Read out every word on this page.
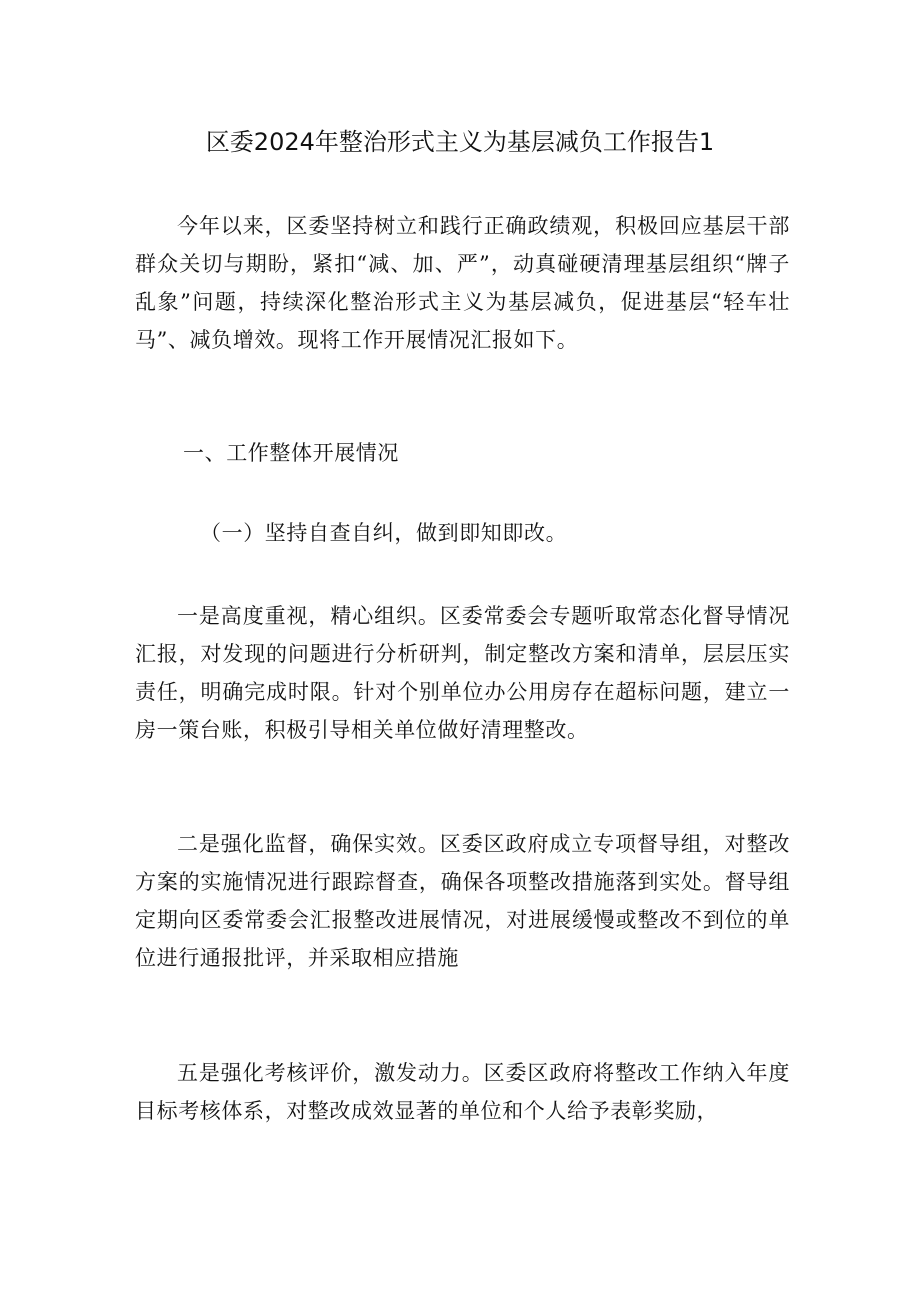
区委2024年整治形式主义为基层减负工作报告1
今年以来，区委坚持树立和践行正确政绩观，积极回应基层干部群众关切与期盼，紧扣“减、加、严”，动真碰硬清理基层组织“牌子乱象”问题，持续深化整治形式主义为基层减负，促进基层“轻车壮马”、减负增效。现将工作开展情况汇报如下。
一、工作整体开展情况
（一）坚持自查自纠，做到即知即改。
一是高度重视，精心组织。区委常委会专题听取常态化督导情况汇报，对发现的问题进行分析研判，制定整改方案和清单，层层压实责任，明确完成时限。针对个别单位办公用房存在超标问题，建立一房一策台账，积极引导相关单位做好清理整改。
二是强化监督，确保实效。区委区政府成立专项督导组，对整改方案的实施情况进行跟踪督查，确保各项整改措施落到实处。督导组定期向区委常委会汇报整改进展情况，对进展缓慢或整改不到位的单位进行通报批评，并采取相应措施
五是强化考核评价，激发动力。区委区政府将整改工作纳入年度目标考核体系，对整改成效显著的单位和个人给予表彰奖励，
